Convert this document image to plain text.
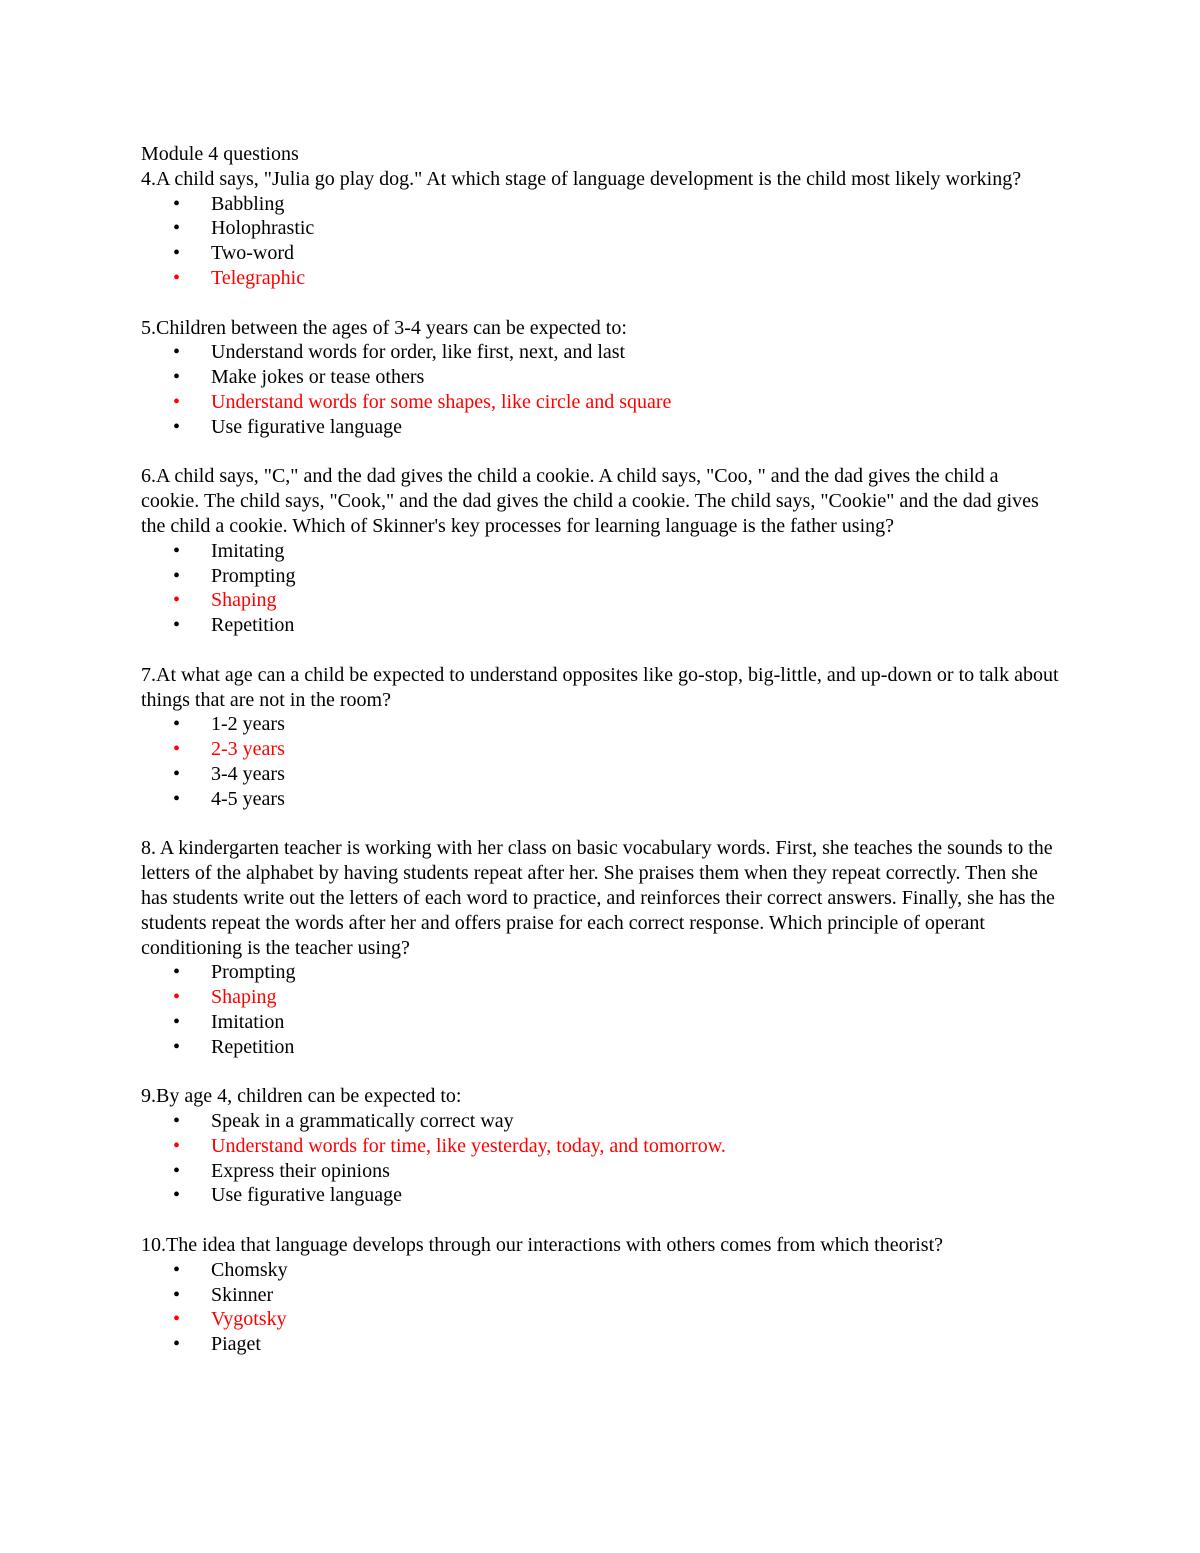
Module 4 questions

4.A child says, "Julia go play dog." At which stage of language development is the child most likely working?

• Babbling
• Holophrastic
• Two-word
• Telegraphic

5.Children between the ages of 3-4 years can be expected to:

• Understand words for order, like first, next, and last
• Make jokes or tease others
• Understand words for some shapes, like circle and square
• Use figurative language

6.A child says, "C," and the dad gives the child a cookie. A child says, "Coo, " and the dad gives the child a cookie. The child says, "Cook," and the dad gives the child a cookie. The child says, "Cookie" and the dad gives the child a cookie. Which of Skinner's key processes for learning language is the father using?

• Imitating
• Prompting
• Shaping
• Repetition

7.At what age can a child be expected to understand opposites like go-stop, big-little, and up-down or to talk about things that are not in the room?

• 1-2 years
• 2-3 years
• 3-4 years
• 4-5 years

8. A kindergarten teacher is working with her class on basic vocabulary words. First, she teaches the sounds to the letters of the alphabet by having students repeat after her. She praises them when they repeat correctly. Then she has students write out the letters of each word to practice, and reinforces their correct answers. Finally, she has the students repeat the words after her and offers praise for each correct response. Which principle of operant conditioning is the teacher using?

• Prompting
• Shaping
• Imitation
• Repetition

9.By age 4, children can be expected to:

• Speak in a grammatically correct way
• Understand words for time, like yesterday, today, and tomorrow.
• Express their opinions
• Use figurative language

10.The idea that language develops through our interactions with others comes from which theorist?

• Chomsky
• Skinner
• Vygotsky
• Piaget
